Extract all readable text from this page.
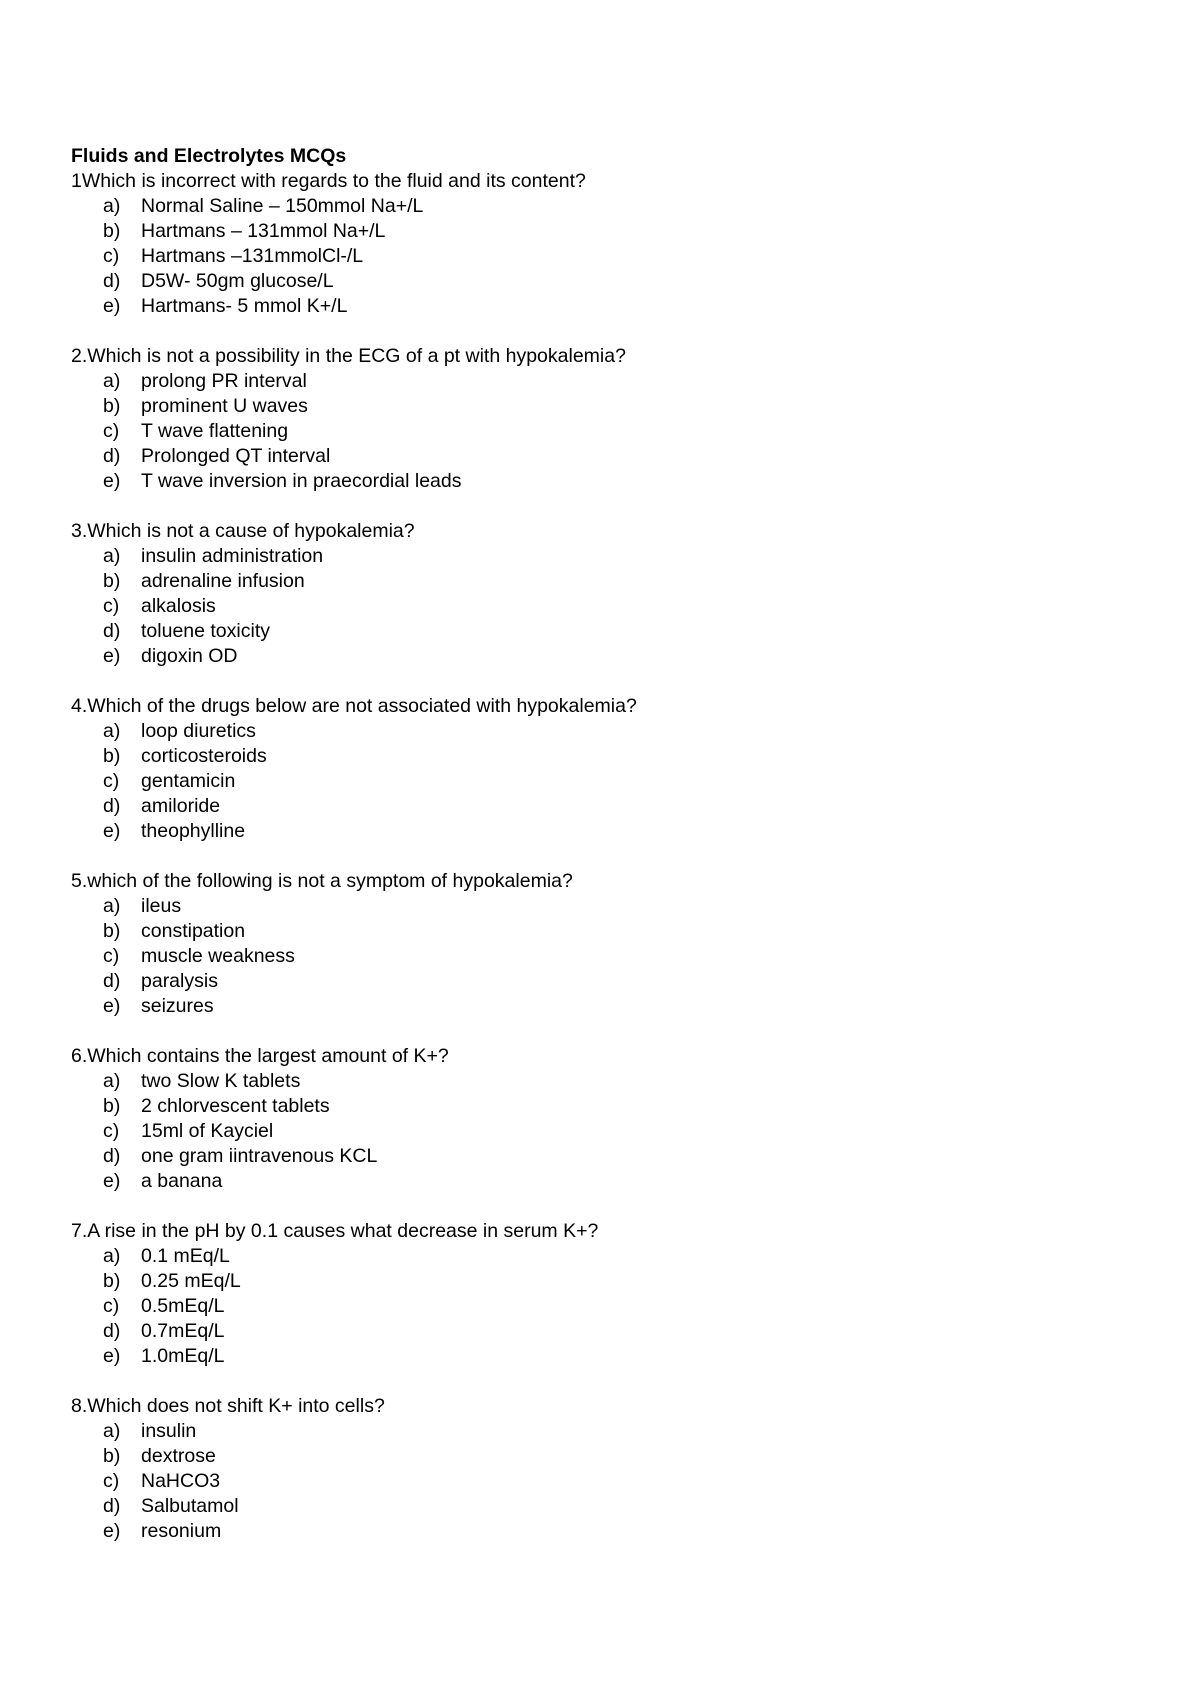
Fluids and Electrolytes MCQs

1Which is incorrect with regards to the fluid and its content?

a) Normal Saline – 150mmol Na+/L
b) Hartmans – 131mmol Na+/L
c) Hartmans –131mmolCl-/L
d) D5W- 50gm glucose/L
e) Hartmans- 5 mmol K+/L

2.Which is not a possibility in the ECG of a pt with hypokalemia?

a) prolong PR interval
b) prominent U waves
c) T wave flattening
d) Prolonged QT interval
e) T wave inversion in praecordial leads

3.Which is not a cause of hypokalemia?

a) insulin administration
b) adrenaline infusion
c) alkalosis
d) toluene toxicity
e) digoxin OD

4.Which of the drugs below are not associated with hypokalemia?

a) loop diuretics
b) corticosteroids
c) gentamicin
d) amiloride
e) theophylline

5.which of the following is not a symptom of hypokalemia?

a) ileus
b) constipation
c) muscle weakness
d) paralysis
e) seizures

6.Which contains the largest amount of K+?

a) two Slow K tablets
b) 2 chlorvescent tablets
c) 15ml of Kayciel
d) one gram iintravenous KCL
e) a banana

7.A rise in the pH by 0.1 causes what decrease in serum K+?

a) 0.1 mEq/L
b) 0.25 mEq/L
c) 0.5mEq/L
d) 0.7mEq/L
e) 1.0mEq/L

8.Which does not shift K+ into cells?

a) insulin
b) dextrose
c) NaHCO3
d) Salbutamol
e) resonium
